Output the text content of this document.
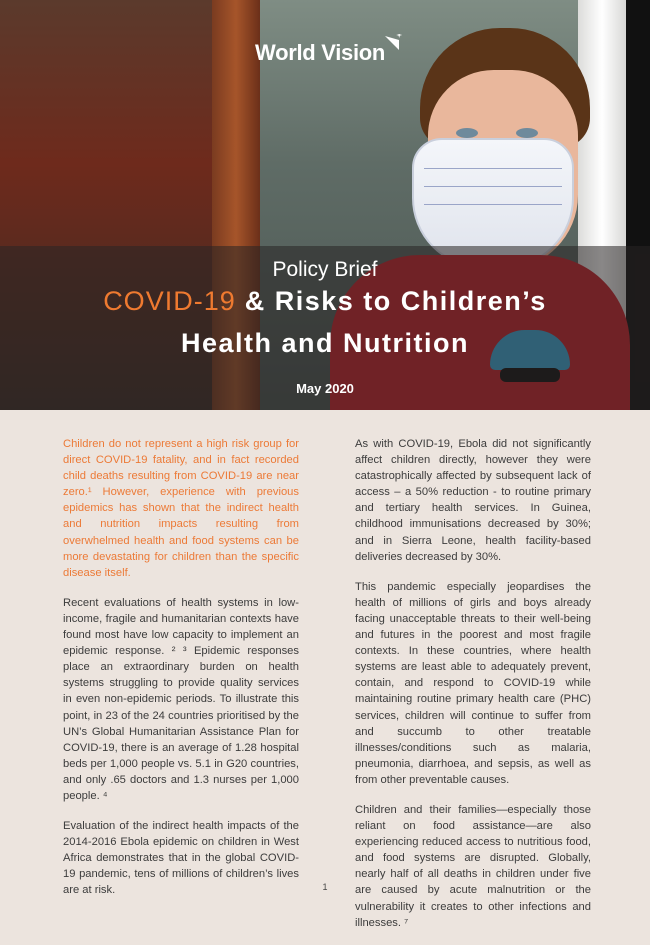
World Vision
Policy Brief
COVID-19 & Risks to Children’s
Health and Nutrition
May 2020

Children do not represent a high risk group for direct COVID-19 fatality, and in fact recorded child deaths resulting from COVID-19 are near zero.¹ However, experience with previous epidemics has shown that the indirect health and nutrition impacts resulting from overwhelmed health and food systems can be more devastating for children than the specific disease itself.

Recent evaluations of health systems in low-income, fragile and humanitarian contexts have found most have low capacity to implement an epidemic response. ² ³ Epidemic responses place an extraordinary burden on health systems struggling to provide quality services in even non-epidemic periods. To illustrate this point, in 23 of the 24 countries prioritised by the UN’s Global Humanitarian Assistance Plan for COVID-19, there is an average of 1.28 hospital beds per 1,000 people vs. 5.1 in G20 countries, and only .65 doctors and 1.3 nurses per 1,000 people. ⁴

Evaluation of the indirect health impacts of the 2014-2016 Ebola epidemic on children in West Africa demonstrates that in the global COVID-19 pandemic, tens of millions of children’s lives are at risk.

As with COVID-19, Ebola did not significantly affect children directly, however they were catastrophically affected by subsequent lack of access – a 50% reduction - to routine primary and tertiary health services. In Guinea, childhood immunisations decreased by 30%; and in Sierra Leone, health facility-based deliveries decreased by 30%.

This pandemic especially jeopardises the health of millions of girls and boys already facing unacceptable threats to their well-being and futures in the poorest and most fragile contexts. In these countries, where health systems are least able to adequately prevent, contain, and respond to COVID-19 while maintaining routine primary health care (PHC) services, children will continue to suffer from and succumb to other treatable illnesses/conditions such as malaria, pneumonia, diarrhoea, and sepsis, as well as from other preventable causes.

Children and their families—especially those reliant on food assistance—are also experiencing reduced access to nutritious food, and food systems are disrupted. Globally, nearly half of all deaths in children under five are caused by acute malnutrition or the vulnerability it creates to other infections and illnesses. ⁷

1
